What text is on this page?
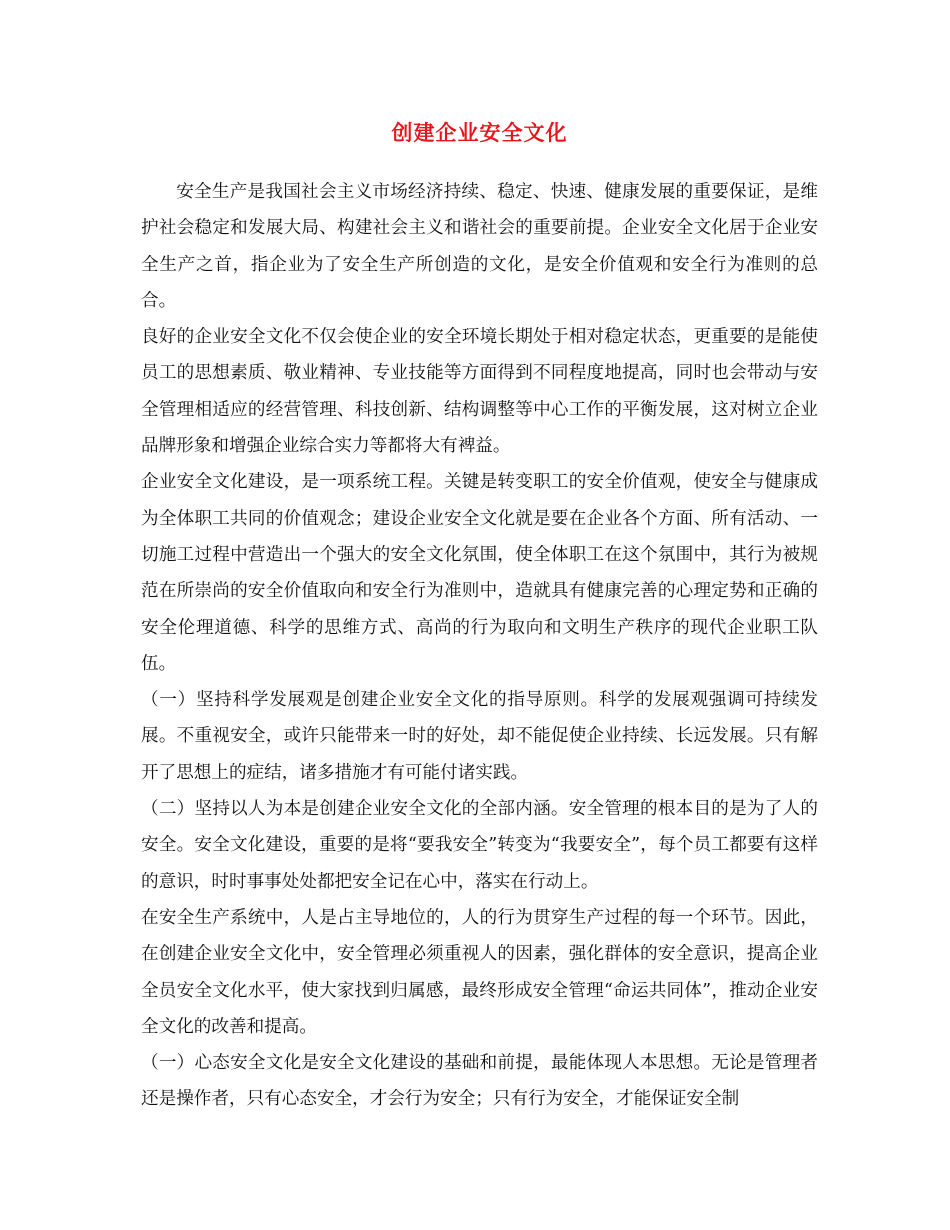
创建企业安全文化

安全生产是我国社会主义市场经济持续、稳定、快速、健康发展的重要保证，是维护社会稳定和发展大局、构建社会主义和谐社会的重要前提。企业安全文化居于企业安全生产之首，指企业为了安全生产所创造的文化，是安全价值观和安全行为准则的总合。

良好的企业安全文化不仅会使企业的安全环境长期处于相对稳定状态，更重要的是能使员工的思想素质、敬业精神、专业技能等方面得到不同程度地提高，同时也会带动与安全管理相适应的经营管理、科技创新、结构调整等中心工作的平衡发展，这对树立企业品牌形象和增强企业综合实力等都将大有裨益。

企业安全文化建设，是一项系统工程。关键是转变职工的安全价值观，使安全与健康成为全体职工共同的价值观念；建设企业安全文化就是要在企业各个方面、所有活动、一切施工过程中营造出一个强大的安全文化氛围，使全体职工在这个氛围中，其行为被规范在所崇尚的安全价值取向和安全行为准则中，造就具有健康完善的心理定势和正确的安全伦理道德、科学的思维方式、高尚的行为取向和文明生产秩序的现代企业职工队伍。

（一）坚持科学发展观是创建企业安全文化的指导原则。科学的发展观强调可持续发展。不重视安全，或许只能带来一时的好处，却不能促使企业持续、长远发展。只有解开了思想上的症结，诸多措施才有可能付诸实践。

（二）坚持以人为本是创建企业安全文化的全部内涵。安全管理的根本目的是为了人的安全。安全文化建设，重要的是将“要我安全”转变为“我要安全”，每个员工都要有这样的意识，时时事事处处都把安全记在心中，落实在行动上。

在安全生产系统中，人是占主导地位的，人的行为贯穿生产过程的每一个环节。因此，在创建企业安全文化中，安全管理必须重视人的因素，强化群体的安全意识，提高企业全员安全文化水平，使大家找到归属感，最终形成安全管理“命运共同体”，推动企业安全文化的改善和提高。

（一）心态安全文化是安全文化建设的基础和前提，最能体现人本思想。无论是管理者还是操作者，只有心态安全，才会行为安全；只有行为安全，才能保证安全制
